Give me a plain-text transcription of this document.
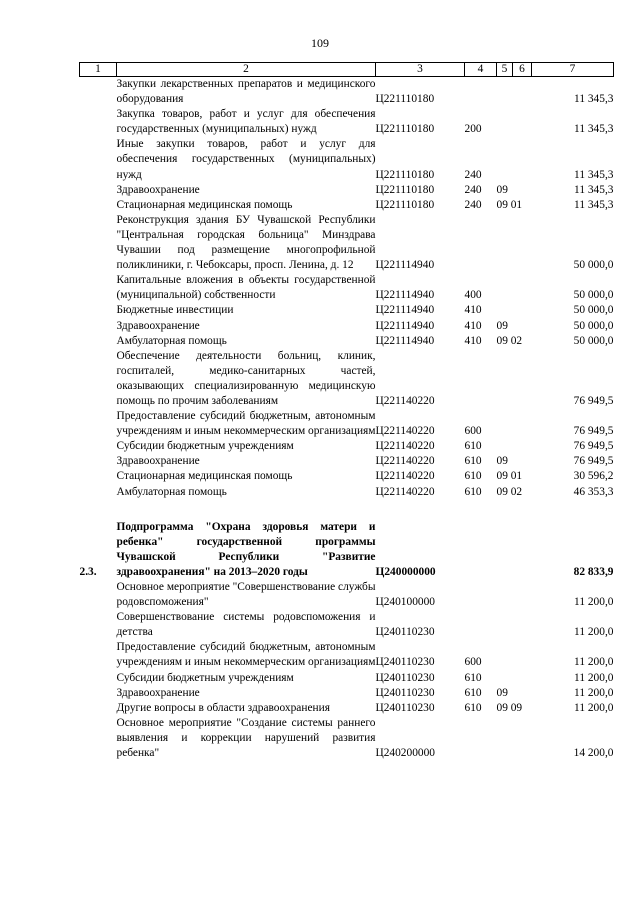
109
1	2	3	4	5	6	7
	Закупки лекарственных препаратов и медицинского оборудования	Ц221110180				11 345,3
	Закупка товаров, работ и услуг для обеспечения государственных (муниципальных) нужд	Ц221110180	200			11 345,3
	Иные закупки товаров, работ и услуг для обеспечения государственных (муниципальных) нужд	Ц221110180	240			11 345,3
	Здравоохранение	Ц221110180	240	09		11 345,3
	Стационарная медицинская помощь	Ц221110180	240	09 01		11 345,3
	Реконструкция здания БУ Чувашской Республики "Центральная городская больница" Минздрава Чувашии под размещение многопрофильной поликлиники, г. Чебоксары, просп. Ленина, д. 12	Ц221114940				50 000,0
	Капитальные вложения в объекты государственной (муниципальной) собственности	Ц221114940	400			50 000,0
	Бюджетные инвестиции	Ц221114940	410			50 000,0
	Здравоохранение	Ц221114940	410	09		50 000,0
	Амбулаторная помощь	Ц221114940	410	09 02		50 000,0
	Обеспечение деятельности больниц, клиник, госпиталей, медико-санитарных частей, оказывающих специализированную медицинскую помощь по прочим заболеваниям	Ц221140220				76 949,5
	Предоставление субсидий бюджетным, автономным учреждениям и иным некоммерческим организациям	Ц221140220	600			76 949,5
	Субсидии бюджетным учреждениям	Ц221140220	610			76 949,5
	Здравоохранение	Ц221140220	610	09		76 949,5
	Стационарная медицинская помощь	Ц221140220	610	09 01		30 596,2
	Амбулаторная помощь	Ц221140220	610	09 02		46 353,3

2.3.	Подпрограмма "Охрана здоровья матери и ребенка" государственной программы Чувашской Республики "Развитие здравоохранения" на 2013–2020 годы	Ц240000000				82 833,9
	Основное мероприятие "Совершенствование службы родовспоможения"	Ц240100000				11 200,0
	Совершенствование системы родовспоможения и детства	Ц240110230				11 200,0
	Предоставление субсидий бюджетным, автономным учреждениям и иным некоммерческим организациям	Ц240110230	600			11 200,0
	Субсидии бюджетным учреждениям	Ц240110230	610			11 200,0
	Здравоохранение	Ц240110230	610	09		11 200,0
	Другие вопросы в области здравоохранения	Ц240110230	610	09 09		11 200,0
	Основное мероприятие "Создание системы раннего выявления и коррекции нарушений развития ребенка"	Ц240200000				14 200,0
